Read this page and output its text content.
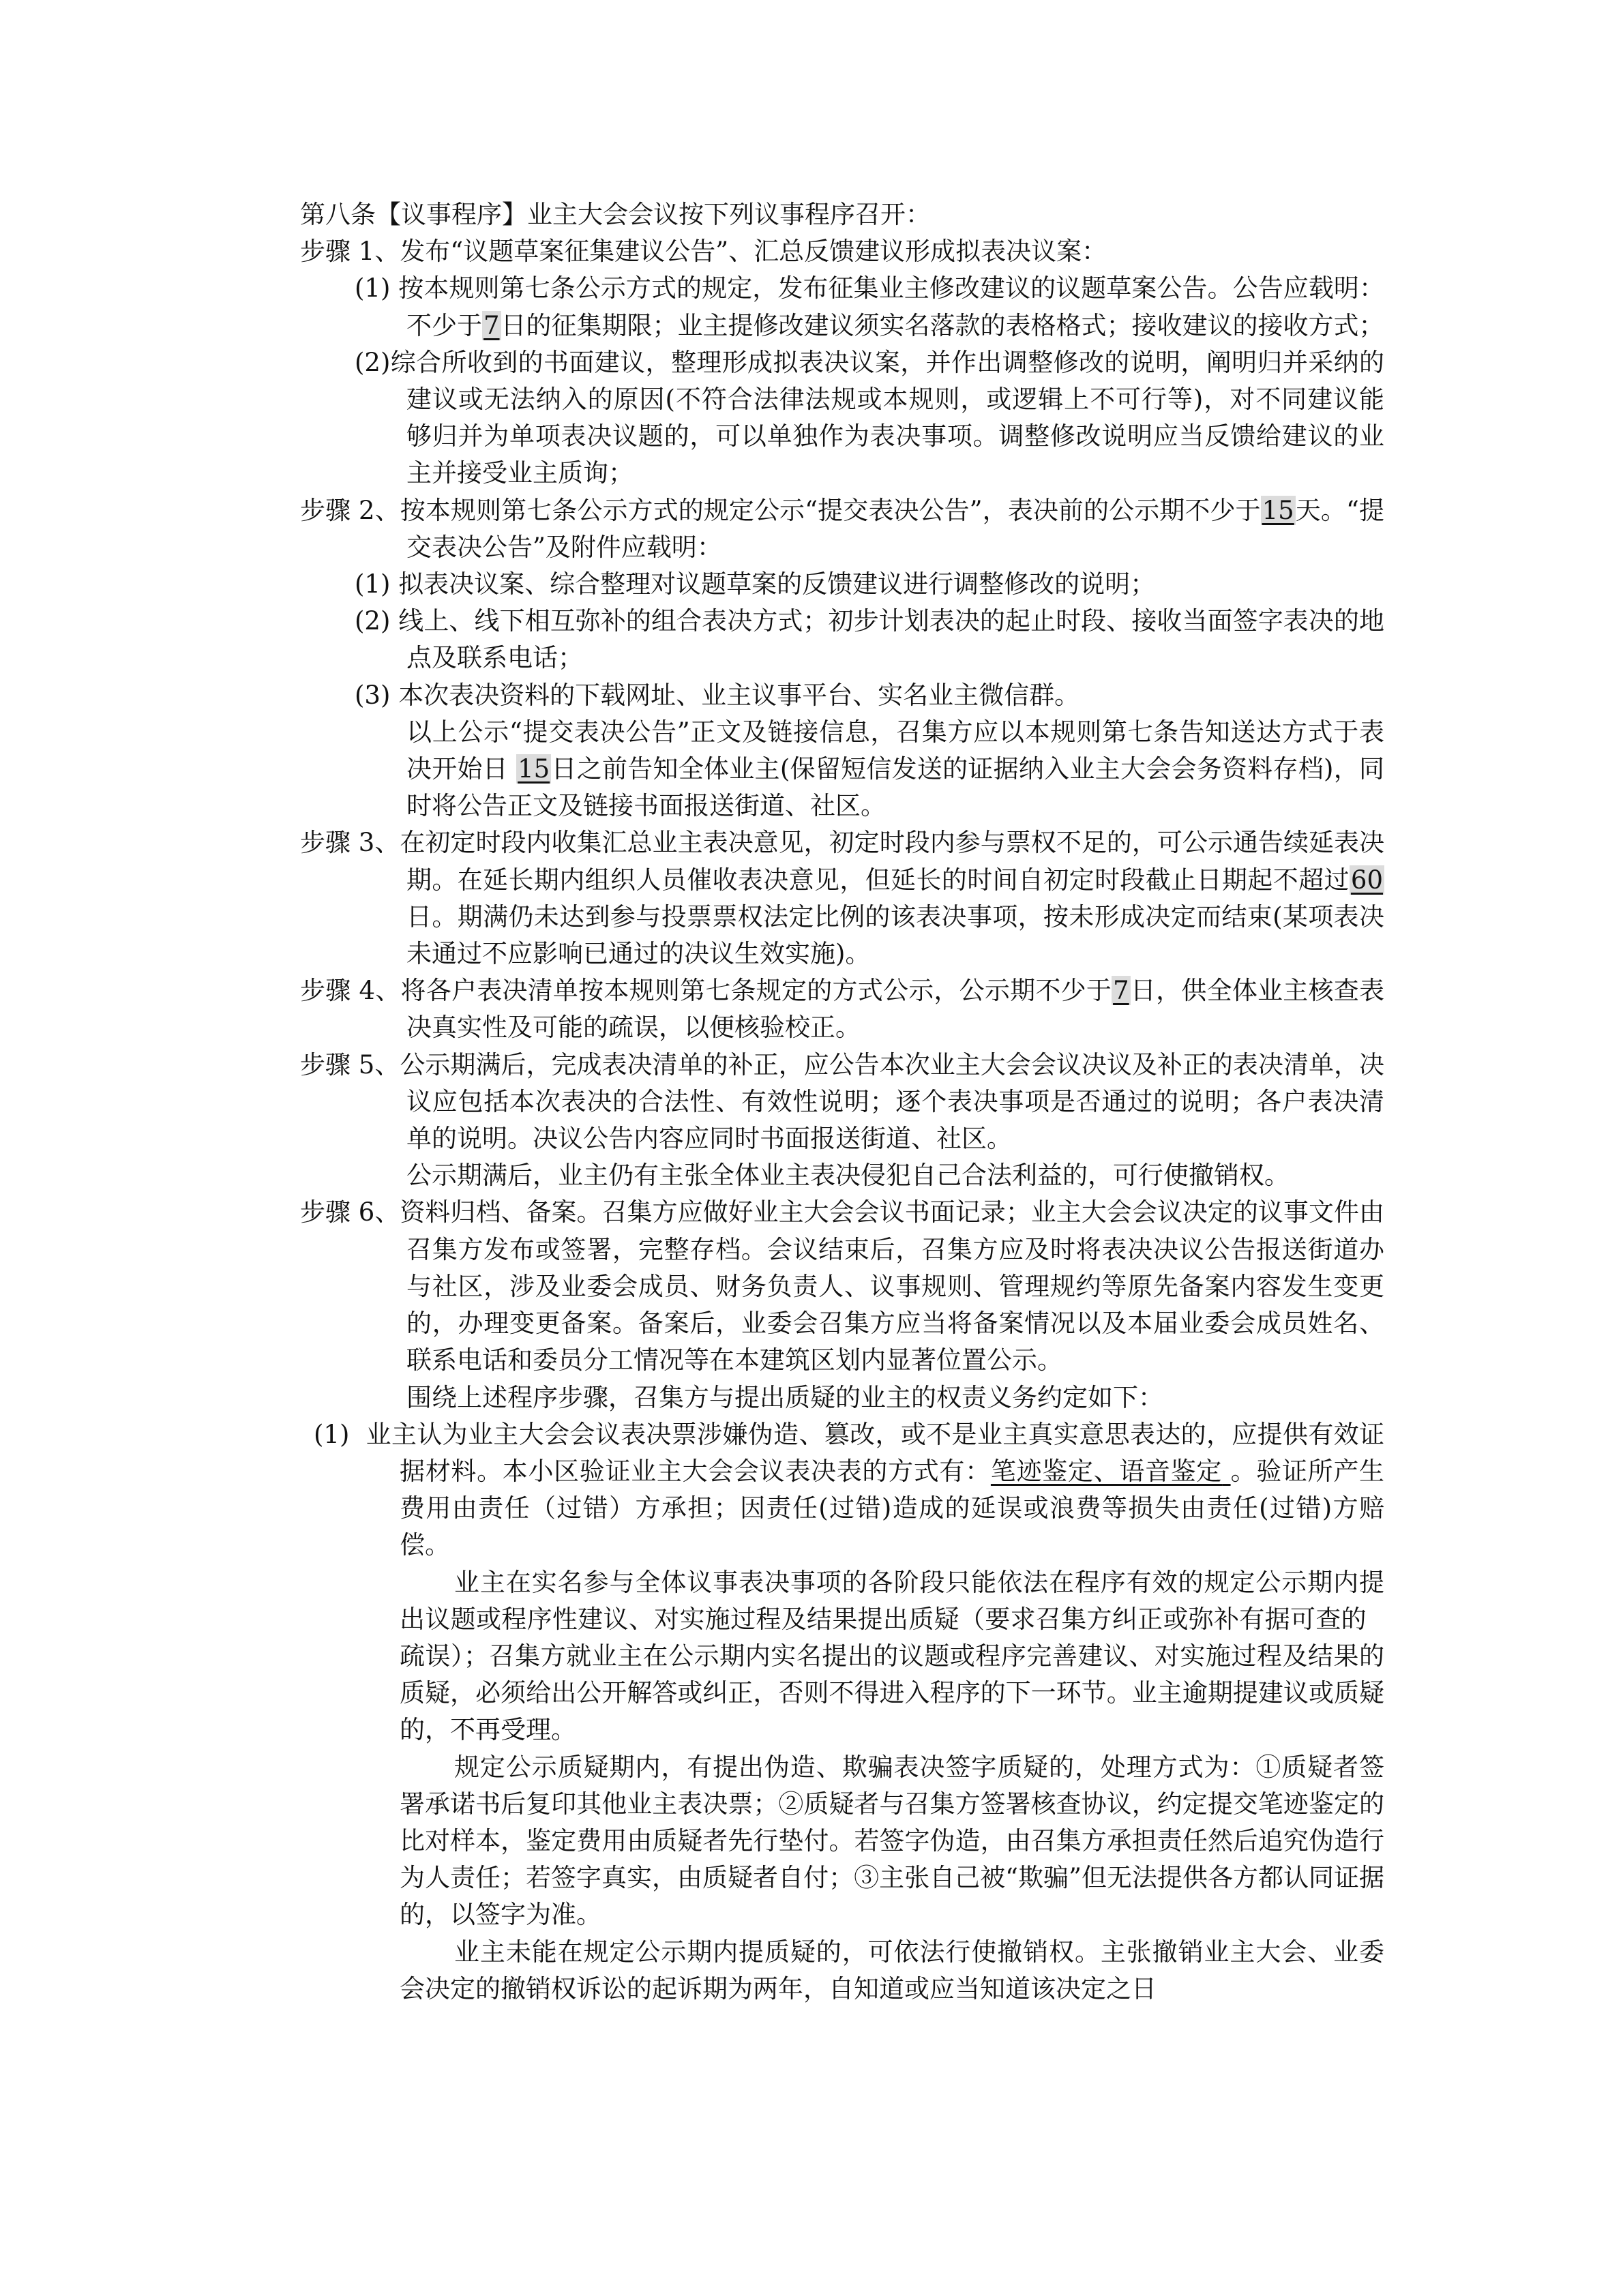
第八条【议事程序】业主大会会议按下列议事程序召开：

步骤 1、发布“议题草案征集建议公告”、汇总反馈建议形成拟表决议案：

(1) 按本规则第七条公示方式的规定，发布征集业主修改建议的议题草案公告。公告应载明：不少于7日的征集期限；业主提修改建议须实名落款的表格格式；接收建议的接收方式；

(2)综合所收到的书面建议，整理形成拟表决议案，并作出调整修改的说明，阐明归并采纳的建议或无法纳入的原因(不符合法律法规或本规则，或逻辑上不可行等)，对不同建议能够归并为单项表决议题的，可以单独作为表决事项。调整修改说明应当反馈给建议的业主并接受业主质询；

步骤 2、按本规则第七条公示方式的规定公示“提交表决公告”，表决前的公示期不少于15天。“提交表决公告”及附件应载明：

(1) 拟表决议案、综合整理对议题草案的反馈建议进行调整修改的说明；

(2) 线上、线下相互弥补的组合表决方式；初步计划表决的起止时段、接收当面签字表决的地点及联系电话；

(3) 本次表决资料的下载网址、业主议事平台、实名业主微信群。

以上公示“提交表决公告”正文及链接信息，召集方应以本规则第七条告知送达方式于表决开始日 15日之前告知全体业主(保留短信发送的证据纳入业主大会会务资料存档)，同时将公告正文及链接书面报送街道、社区。

步骤 3、在初定时段内收集汇总业主表决意见，初定时段内参与票权不足的，可公示通告续延表决期。在延长期内组织人员催收表决意见，但延长的时间自初定时段截止日期起不超过60日。期满仍未达到参与投票票权法定比例的该表决事项，按未形成决定而结束(某项表决未通过不应影响已通过的决议生效实施)。

步骤 4、将各户表决清单按本规则第七条规定的方式公示，公示期不少于7日，供全体业主核查表决真实性及可能的疏误，以便核验校正。

步骤 5、公示期满后，完成表决清单的补正，应公告本次业主大会会议决议及补正的表决清单，决议应包括本次表决的合法性、有效性说明；逐个表决事项是否通过的说明；各户表决清单的说明。决议公告内容应同时书面报送街道、社区。

公示期满后，业主仍有主张全体业主表决侵犯自己合法利益的，可行使撤销权。

步骤 6、资料归档、备案。召集方应做好业主大会会议书面记录；业主大会会议决定的议事文件由召集方发布或签署，完整存档。会议结束后，召集方应及时将表决决议公告报送街道办与社区，涉及业委会成员、财务负责人、议事规则、管理规约等原先备案内容发生变更的，办理变更备案。备案后，业委会召集方应当将备案情况以及本届业委会成员姓名、联系电话和委员分工情况等在本建筑区划内显著位置公示。

围绕上述程序步骤，召集方与提出质疑的业主的权责义务约定如下：

(1) 业主认为业主大会会议表决票涉嫌伪造、篡改，或不是业主真实意思表达的，应提供有效证据材料。本小区验证业主大会会议表决表的方式有：笔迹鉴定、语音鉴定 。验证所产生费用由责任（过错）方承担；因责任(过错)造成的延误或浪费等损失由责任(过错)方赔偿。

业主在实名参与全体议事表决事项的各阶段只能依法在程序有效的规定公示期内提出议题或程序性建议、对实施过程及结果提出质疑（要求召集方纠正或弥补有据可查的疏误）；召集方就业主在公示期内实名提出的议题或程序完善建议、对实施过程及结果的质疑，必须给出公开解答或纠正，否则不得进入程序的下一环节。业主逾期提建议或质疑的，不再受理。

规定公示质疑期内，有提出伪造、欺骗表决签字质疑的，处理方式为：①质疑者签署承诺书后复印其他业主表决票；②质疑者与召集方签署核查协议，约定提交笔迹鉴定的比对样本，鉴定费用由质疑者先行垫付。若签字伪造，由召集方承担责任然后追究伪造行为人责任；若签字真实，由质疑者自付；③主张自己被“欺骗”但无法提供各方都认同证据的，以签字为准。

业主未能在规定公示期内提质疑的，可依法行使撤销权。主张撤销业主大会、业委会决定的撤销权诉讼的起诉期为两年，自知道或应当知道该决定之日
